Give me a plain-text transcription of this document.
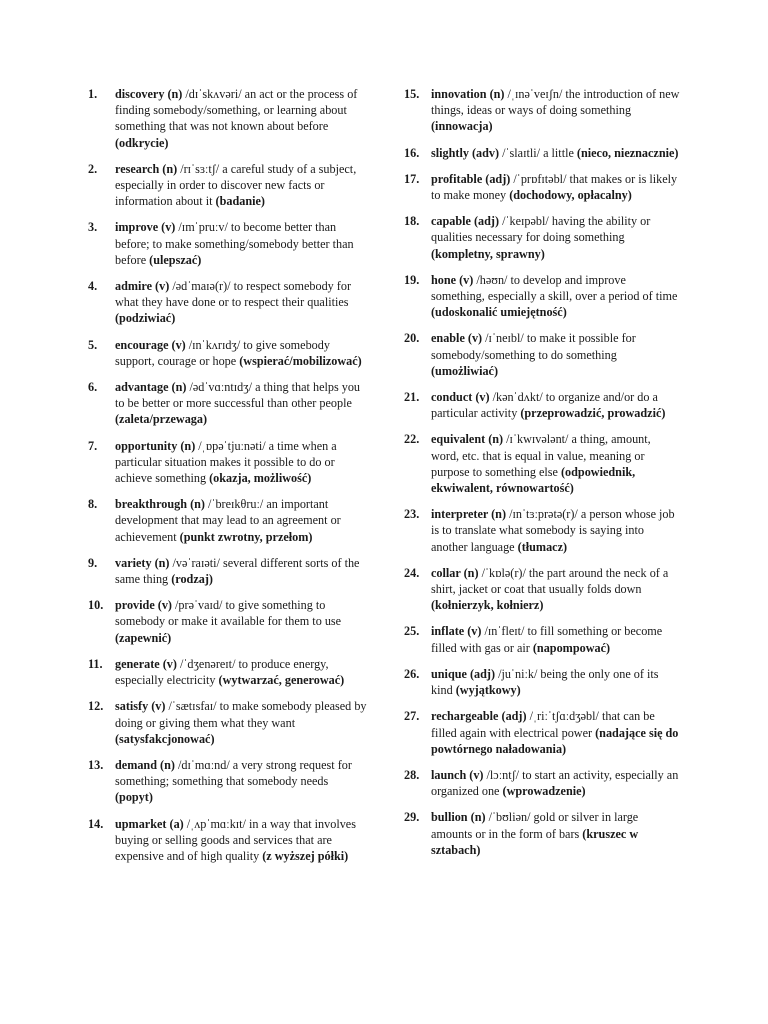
1. discovery (n) /dɪˈskʌvəri/ an act or the process of finding somebody/something, or learning about something that was not known about before (odkrycie)
2. research (n) /rɪˈsɜːtʃ/ a careful study of a subject, especially in order to discover new facts or information about it (badanie)
3. improve (v) /ɪmˈpruːv/ to become better than before; to make something/somebody better than before (ulepszać)
4. admire (v) /ədˈmaɪə(r)/ to respect somebody for what they have done or to respect their qualities (podziwiać)
5. encourage (v) /ɪnˈkʌrɪdʒ/ to give somebody support, courage or hope (wspierać/mobilizować)
6. advantage (n) /ədˈvɑːntɪdʒ/ a thing that helps you to be better or more successful than other people (zaleta/przewaga)
7. opportunity (n) /ˌɒpəˈtjuːnəti/ a time when a particular situation makes it possible to do or achieve something (okazja, możliwość)
8. breakthrough (n) /ˈbreɪkθruː/ an important development that may lead to an agreement or achievement (punkt zwrotny, przełom)
9. variety (n) /vəˈraɪəti/ several different sorts of the same thing (rodzaj)
10. provide (v) /prəˈvaɪd/ to give something to somebody or make it available for them to use (zapewnić)
11. generate (v) /ˈdʒenəreɪt/ to produce energy, especially electricity (wytwarzać, generować)
12. satisfy (v) /ˈsætɪsfaɪ/ to make somebody pleased by doing or giving them what they want (satysfakcjonować)
13. demand (n) /dɪˈmɑːnd/ a very strong request for something; something that somebody needs (popyt)
14. upmarket (a) /ˌʌpˈmɑːkɪt/ in a way that involves buying or selling goods and services that are expensive and of high quality (z wyższej półki)
15. innovation (n) /ˌɪnəˈveɪʃn/ the introduction of new things, ideas or ways of doing something (innowacja)
16. slightly (adv) /ˈslaɪtli/ a little (nieco, nieznacznie)
17. profitable (adj) /ˈprɒfɪtəbl/ that makes or is likely to make money (dochodowy, opłacalny)
18. capable (adj) /ˈkeɪpəbl/ having the ability or qualities necessary for doing something (kompletny, sprawny)
19. hone (v) /həʊn/ to develop and improve something, especially a skill, over a period of time (udoskonalić umiejętność)
20. enable (v) /ɪˈneɪbl/ to make it possible for somebody/something to do something (umożliwiać)
21. conduct (v) /kənˈdʌkt/ to organize and/or do a particular activity (przeprowadzić, prowadzić)
22. equivalent (n) /ɪˈkwɪvələnt/ a thing, amount, word, etc. that is equal in value, meaning or purpose to something else (odpowiednik, ekwiwalent, równowartość)
23. interpreter (n) /ɪnˈtɜːprətə(r)/ a person whose job is to translate what somebody is saying into another language (tłumacz)
24. collar (n) /ˈkɒlə(r)/ the part around the neck of a shirt, jacket or coat that usually folds down (kołnierzyk, kołnierz)
25. inflate (v) /ɪnˈfleɪt/ to fill something or become filled with gas or air (napompować)
26. unique (adj) /juˈniːk/ being the only one of its kind (wyjątkowy)
27. rechargeable (adj) /ˌriːˈtʃɑːdʒəbl/ that can be filled again with electrical power (nadające się do powtórnego naładowania)
28. launch (v) /lɔːntʃ/ to start an activity, especially an organized one (wprowadzenie)
29. bullion (n) /ˈbʊliən/ gold or silver in large amounts or in the form of bars (kruszec w sztabach)
